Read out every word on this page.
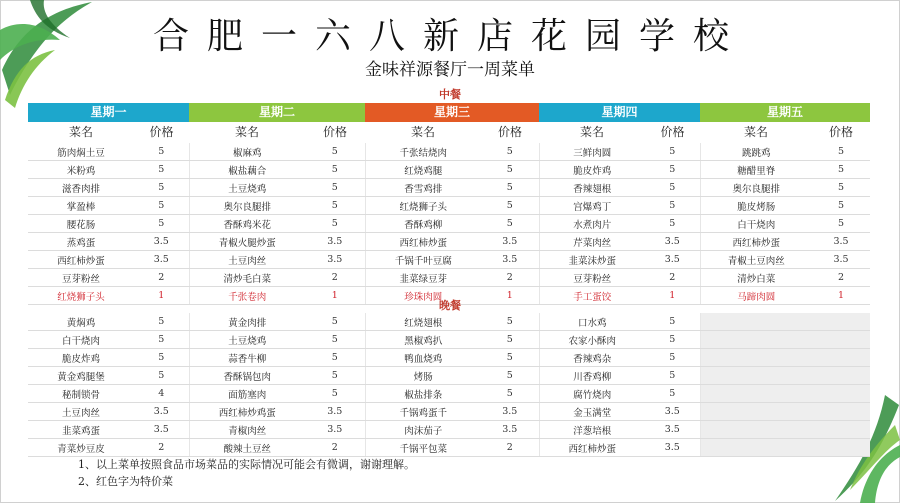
合肥一六八新店花园学校
金味祥源餐厅一周菜单
中餐
星期一	星期二	星期三	星期四	星期五
菜名	价格	菜名	价格	菜名	价格	菜名	价格	菜名	价格
筋肉焖土豆	5	椒麻鸡	5	千张结烧肉	5	三鲜肉圆	5	跳跳鸡	5
米粉鸡	5	椒盐藕合	5	红烧鸡腿	5	脆皮炸鸡	5	糖醋里脊	5
滋香肉排	5	土豆烧鸡	5	香雪鸡排	5	香辣翅根	5	奥尔良腿排	5
掌盈棒	5	奥尔良腿排	5	红烧狮子头	5	宫爆鸡丁	5	脆皮烤肠	5
腰花肠	5	香酥鸡米花	5	香酥鸡柳	5	水煮肉片	5	白干烧肉	5
蒸鸡蛋	3.5	青椒火腿炒蛋	3.5	西红柿炒蛋	3.5	芹菜肉丝	3.5	西红柿炒蛋	3.5
西红柿炒蛋	3.5	土豆肉丝	3.5	千锅千叶豆腐	3.5	韭菜沫炒蛋	3.5	青椒土豆肉丝	3.5
豆芽粉丝	2	清炒毛白菜	2	韭菜绿豆芽	2	豆芽粉丝	2	清炒白菜	2
红烧狮子头	1	千张卷肉	1	珍珠肉圆	1	手工蛋饺	1	马蹄肉圆	1
晚餐
黄焖鸡	5	黄金肉排	5	红烧翅根	5	口水鸡	5		
白干烧肉	5	土豆烧鸡	5	黑椒鸡扒	5	农家小酥肉	5		
脆皮炸鸡	5	蒜香牛柳	5	鸭血烧鸡	5	香辣鸡杂	5		
黄金鸡腿堡	5	香酥锅包肉	5	烤肠	5	川香鸡柳	5		
秘制锁骨	4	面筋塞肉	5	椒盐排条	5	腐竹烧肉	5		
土豆肉丝	3.5	西红柿炒鸡蛋	3.5	千锅鸡蛋千	3.5	金玉满堂	3.5		
韭菜鸡蛋	3.5	青椒肉丝	3.5	肉沫茄子	3.5	洋葱培根	3.5		
青菜炒豆皮	2	酸辣土豆丝	2	千锅平包菜	2	西红柿炒蛋	3.5		
1、以上菜单按照食品市场菜品的实际情况可能会有微调，谢谢理解。
2、红色字为特价菜
